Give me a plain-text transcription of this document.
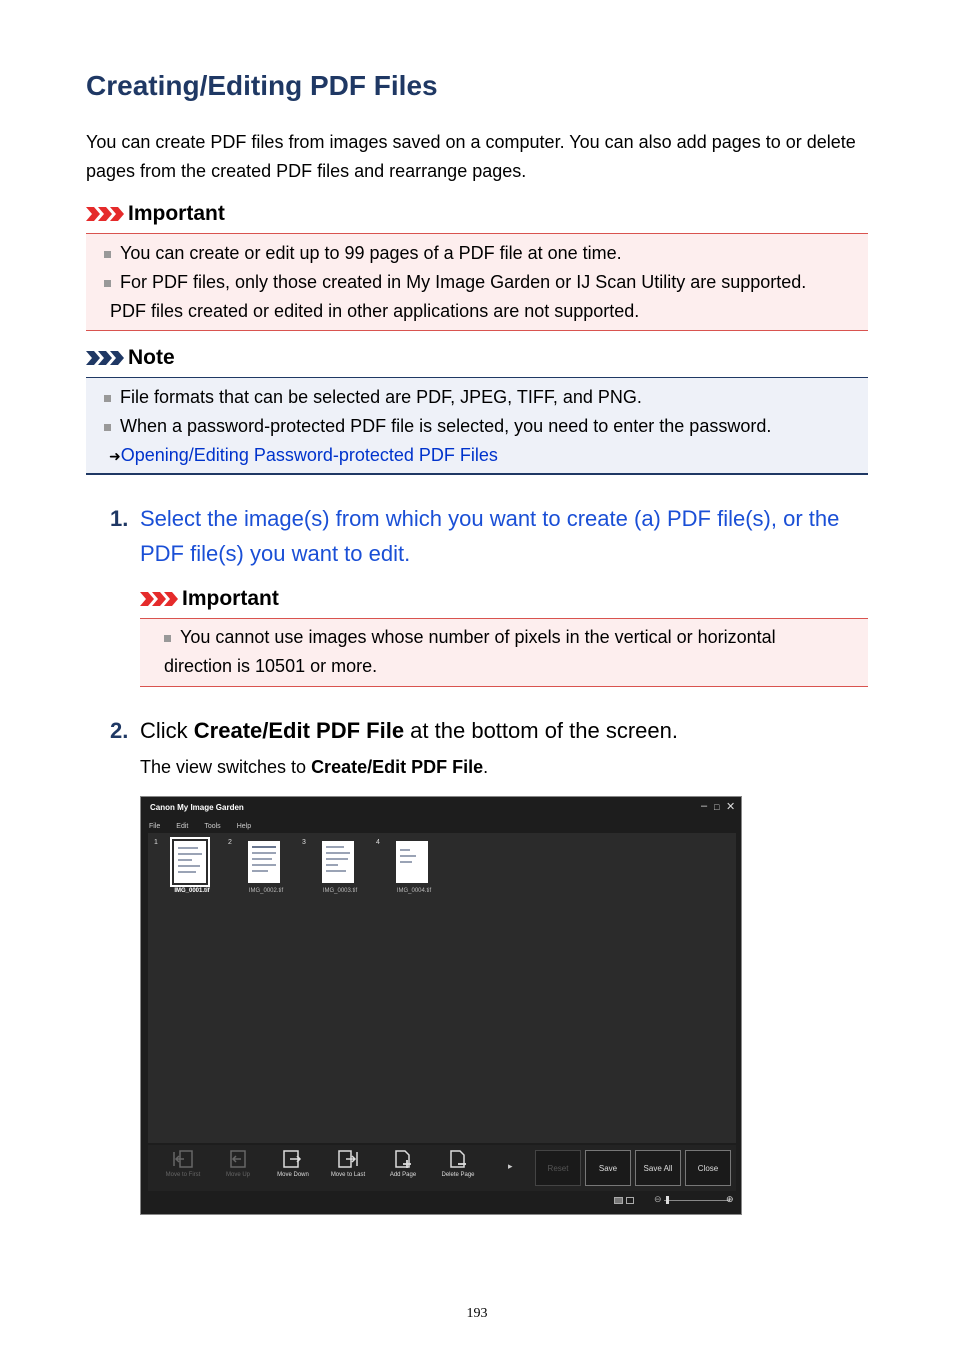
Creating/Editing PDF Files

You can create PDF files from images saved on a computer. You can also add pages to or delete pages from the created PDF files and rearrange pages.

Important
You can create or edit up to 99 pages of a PDF file at one time.
For PDF files, only those created in My Image Garden or IJ Scan Utility are supported.
PDF files created or edited in other applications are not supported.
Note
File formats that can be selected are PDF, JPEG, TIFF, and PNG.
When a password-protected PDF file is selected, you need to enter the password.
➜Opening/Editing Password-protected PDF Files
1. Select the image(s) from which you want to create (a) PDF file(s), or the PDF file(s) you want to edit.
Important
You cannot use images whose number of pixels in the vertical or horizontal direction is 10501 or more.
2. Click Create/Edit PDF File at the bottom of the screen.
The view switches to Create/Edit PDF File.
Canon My Image Garden	– □ ✕
File Edit Tools Help
1
IMG_0001.tif
2
IMG_0002.tif
3
IMG_0003.tif
4
IMG_0004.tif
Move to First	Move Up	Move Down	Move to Last	Add Page	Delete Page
▸	Reset	Save	Save All	Close
⊖	⊕
193
